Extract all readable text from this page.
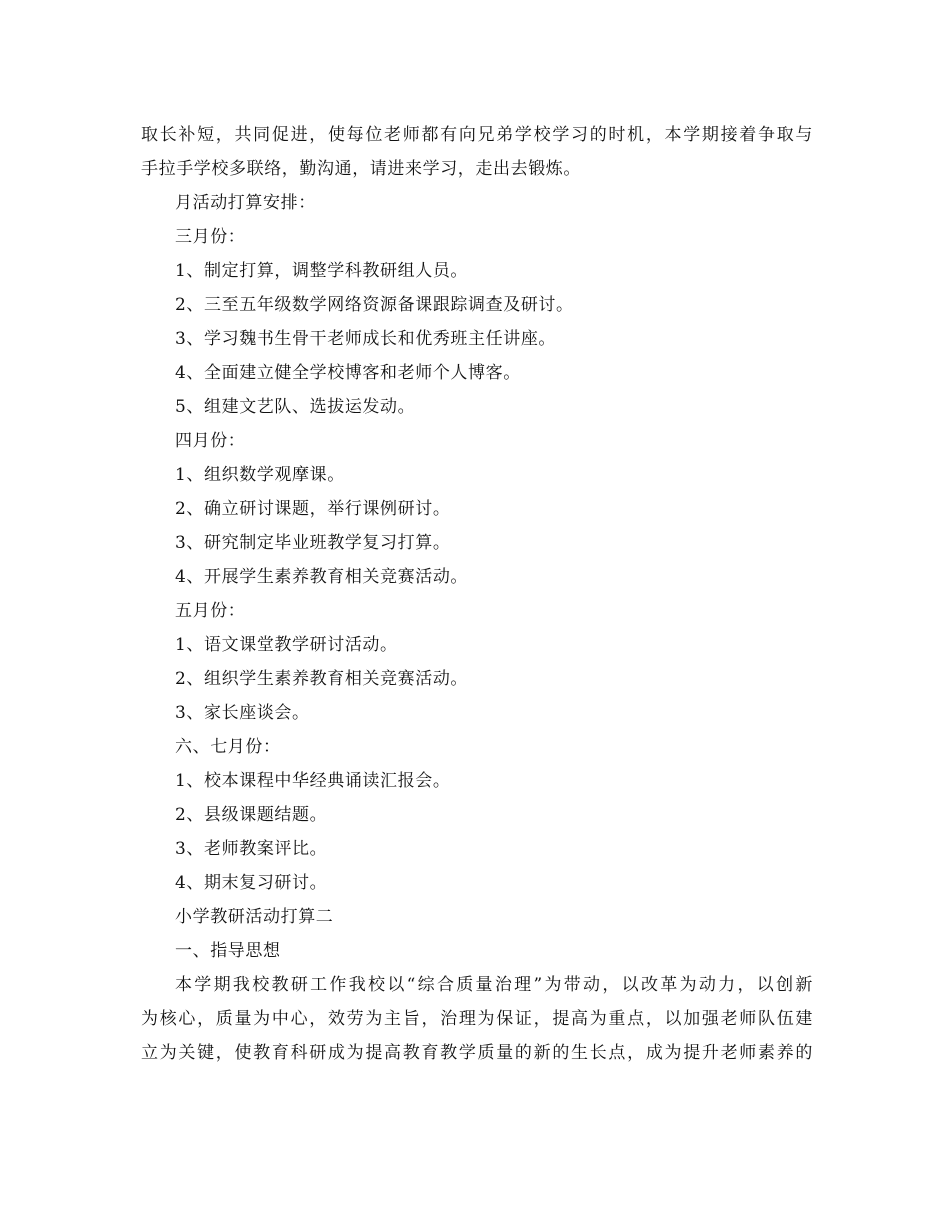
取长补短，共同促进，使每位老师都有向兄弟学校学习的时机，本学期接着争取与
手拉手学校多联络，勤沟通，请进来学习，走出去锻炼。
月活动打算安排：
三月份：
1、制定打算，调整学科教研组人员。
2、三至五年级数学网络资源备课跟踪调查及研讨。
3、学习魏书生骨干老师成长和优秀班主任讲座。
4、全面建立健全学校博客和老师个人博客。
5、组建文艺队、选拔运发动。
四月份：
1、组织数学观摩课。
2、确立研讨课题，举行课例研讨。
3、研究制定毕业班教学复习打算。
4、开展学生素养教育相关竞赛活动。
五月份：
1、语文课堂教学研讨活动。
2、组织学生素养教育相关竞赛活动。
3、家长座谈会。
六、七月份：
1、校本课程中华经典诵读汇报会。
2、县级课题结题。
3、老师教案评比。
4、期末复习研讨。
小学教研活动打算二
一、指导思想
本学期我校教研工作我校以“综合质量治理”为带动，以改革为动力，以创新
为核心，质量为中心，效劳为主旨，治理为保证，提高为重点，以加强老师队伍建
立为关键，使教育科研成为提高教育教学质量的新的生长点，成为提升老师素养的
